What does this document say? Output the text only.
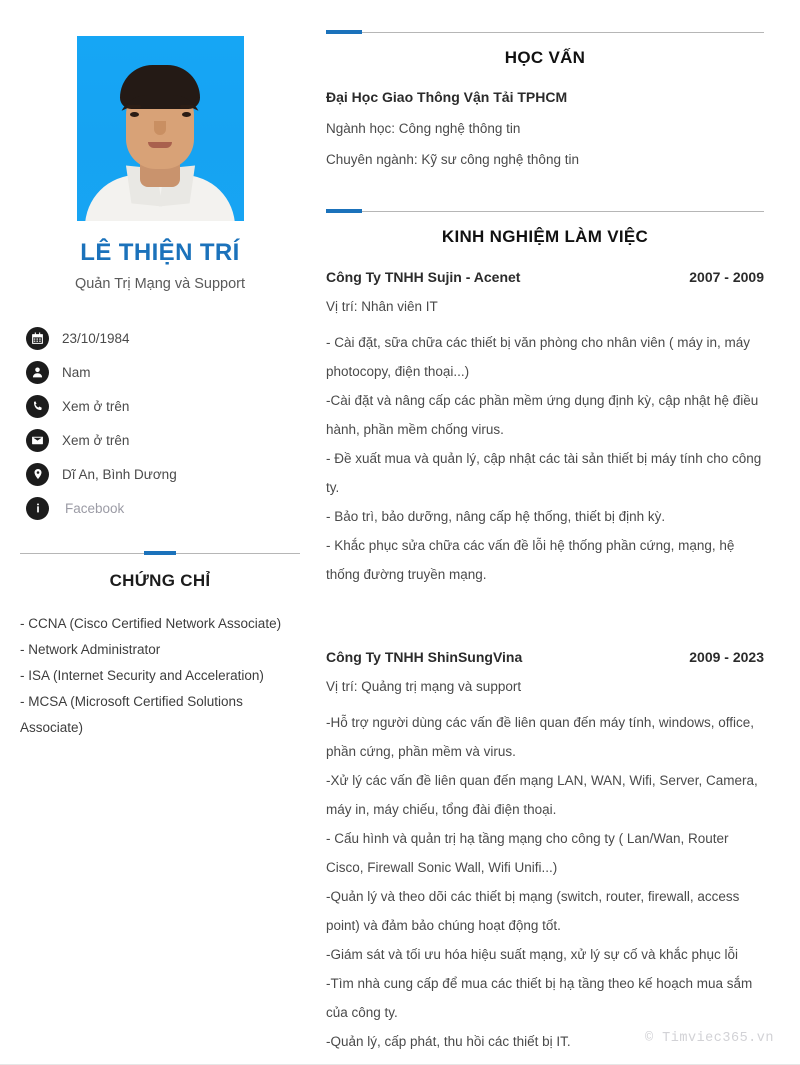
LÊ THIỆN TRÍ
Quản Trị Mạng và Support
23/10/1984
Nam
Xem ở trên
Xem ở trên
Dĩ An, Bình Dương
Facebook
CHỨNG CHỈ
- CCNA (Cisco Certified Network Associate)
- Network Administrator
- ISA (Internet Security and Acceleration)
- MCSA (Microsoft Certified Solutions Associate)
HỌC VẤN
Đại Học Giao Thông Vận Tải TPHCM
Ngành học: Công nghệ thông tin
Chuyên ngành: Kỹ sư công nghệ thông tin
KINH NGHIỆM LÀM VIỆC
Công Ty TNHH Sujin - Acenet	2007 - 2009
Vị trí: Nhân viên IT
- Cài đặt, sữa chữa các thiết bị văn phòng cho nhân viên ( máy in, máy photocopy, điện thoại...)
-Cài đặt và nâng cấp các phần mềm ứng dụng định kỳ, cập nhật hệ điều hành, phần mềm chống virus.
- Đề xuất mua và quản lý, cập nhật các tài sản thiết bị máy tính cho công ty.
- Bảo trì, bảo dưỡng, nâng cấp hệ thống, thiết bị định kỳ.
- Khắc phục sửa chữa các vấn đề lỗi hệ thống phần cứng, mạng, hệ thống đường truyền mạng.
Công Ty TNHH ShinSungVina	2009 - 2023
Vị trí: Quảng trị mạng và support
-Hỗ trợ người dùng các vấn đề liên quan đến máy tính, windows, office, phần cứng, phần mềm và virus.
-Xử lý các vấn đề liên quan đến mạng LAN, WAN, Wifi, Server, Camera, máy in, máy chiếu, tổng đài điện thoại.
- Cấu hình và quản trị hạ tầng mạng cho công ty ( Lan/Wan, Router Cisco, Firewall Sonic Wall, Wifi Unifi...)
-Quản lý và theo dõi các thiết bị mạng (switch, router, firewall, access point) và đảm bảo chúng hoạt động tốt.
-Giám sát và tối ưu hóa hiệu suất mạng, xử lý sự cố và khắc phục lỗi
-Tìm nhà cung cấp để mua các thiết bị hạ tầng theo kế hoạch mua sắm của công ty.
-Quản lý, cấp phát, thu hồi các thiết bị IT.	© Timviec365.vn
